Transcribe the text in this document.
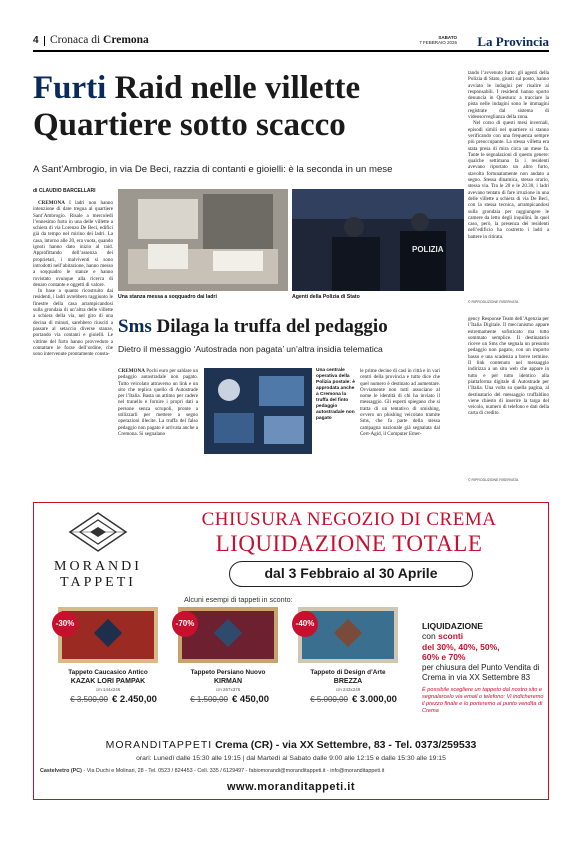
4 Cronaca di Cremona	SABATO
7 FEBBRAIO 2026 La Provincia
Furti Raid nelle villette
Quartiere sotto scacco
A Sant’Ambrogio, in via De Beci, razzia di contanti e gioielli: è la seconda in un mese
di CLAUDIO BARCELLARI

CREMONA I ladri non hanno intenzione di dare tregua al quartiere Sant’Ambrogio. Risale a mercoledì l’ennesimo furto in una delle villette a schiera di via Lorenzo De Beci, edifici già da tempo nel mirino dei ladri. La casa, intorno alle 20, era vuota, quando ignoti hanno dato inizio al raid. Approfittando dell’assenza dei proprietari, i malviventi si sono introdotti nell’abitazione, hanno messo a soqquadro le stanze e hanno rovistato ovunque alla ricerca di denaro contante e oggetti di valore.

In base a quanto ricostruito dai residenti, i ladri avrebbero raggiunto le finestre della casa arrampicandosi sulla grondaia di un’altra delle villette a schiera della via, nel giro di una decina di minuti, sarebbero riusciti a passare al setaccio diverse stanze, portando via contanti e gioielli. Le vittime del furto hanno provveduto a contattare le forze dell’ordine, che sono intervenute prontamente consta-

Una stanza messa a soqquadro dai ladri
POLIZIA
Agenti della Polizia di Stato

tando l’avvenuto furto: gli agenti della Polizia di Stato, giunti sul posto, hanno avviato le indagini per risalire ai responsabili. I residenti hanno sporto denuncia in Questura: a tracciare la pista nelle indagini sono le immagini registrate dal sistema di videosorveglianza della zona.

Nel corso di questi mesi invernali, episodi simili nel quartiere si stanno verificando con una frequenza sempre più preoccupante. La stessa villetta era stata presa di mira circa un mese fa. Tante le segnalazioni di questo genere: qualche settimana fa i residenti avevano riportato un altro furto, stavolta fortunatamente non andato a segno. Stessa dinamica, stesso orario, stessa via. Tra le 20 e le 20.30, i ladri avevano tentato di fare irruzione in una delle villette a schiera di via De Beci, con la stessa tecnica, arrampicandosi sulla grondaia per raggiungere le camere da letto degli inquilini. In quel caso, però, la presenza dei residenti nell’edificio ha costretto i ladri a battere in ritirata.

© RIPRODUZIONE RISERVATA
Sms Dilaga la truffa del pedaggio
Dietro il messaggio ‘Autostrada non pagata’ un’altra insidia telematica

CREMONA Pochi euro per saldare un pedaggio autostradale non pagato. Tutto veicolato attraverso un link e un sito che replica quello di Autostrade per l’Italia. Basta un attimo per cadere nel tranello e fornire i propri dati a persone senza scrupoli, pronte a utilizzarli per mettere a segno operazioni illecite. La truffa del falso pedaggio non pagato è arrivata anche a Cremona. Si segnalano

Una centrale operativa della Polizia postale: è approdata anche a Cremona la truffa del finto pedaggio autostradale non pagato

le prime decine di casi in città e in vari centri della provincia e tutto dice che quel numero è destinato ad aumentare. Ovviamente non tutti associano al nome le identità di chi ha inviato il messaggio. Gli esperti spiegano che si tratta di un tentativo di smishing, ovvero un phishing veicolato tramite Sms, che fa parte della stessa campagna nazionale già segnalata dal Cert-Agid, il Computer Emer-

gency Response Team dell’Agenzia per l’Italia Digitale. Il meccanismo appare estremamente sofisticato ma tutto sommato semplice. Il destinatario riceve un Sms che segnala un presunto pedaggio non pagato, con un importo basso e una scadenza a breve termine. Il link contenuto nel messaggio indirizza a un sito web che appare in tutto e per tutto identico alla piattaforma digitale di Autostrade per l’Italia. Una volta su quella pagina, al destinatario del messaggio truffaldino viene chiesto di inserire la targa del veicolo, numero di telefono e dati della carta di credito.

© RIPRODUZIONE RISERVATA
MORANDI
TAPPETI
CHIUSURA NEGOZIO DI CREMA
LIQUIDAZIONE TOTALE
dal 3 Febbraio al 30 Aprile
Alcuni esempi di tappeti in sconto:
LIQUIDAZIONE
con sconti
del 30%, 40%, 50%,
60% e 70%
per chiusura del Punto Vendita di Crema in via XX Settembre 83
È possibile scegliere un tappeto dal nostro sito e segnalarcelo via email o telefono: Vi indicheremo il prezzo finale e lo porteremo al punto vendita di Crema
MORANDITAPPETI Crema (CR) - via XX Settembre, 83 - Tel. 0373/259533
orari: Lunedì dalle 15:30 alle 19:15 | dal Martedì al Sabato dalle 9:00 alle 12:15 e dalle 15:30 alle 19:15
Castelvetro (PC) - Via Duchi e Molinari, 28 - Tel. 0523 / 824453 - Cell. 335 / 6129497 - fabiomorandi@moranditappeti.it - info@moranditappeti.it
www.moranditappeti.it
-30%
Tappeto Caucasico Antico
KAZAK LORI PAMPAK
cm 144x246
€ 3.500,00 € 2.450,00
-70%
Tappeto Persiano Nuovo
KIRMAN
cm 267x376
€ 1.500,00 € 450,00
-40%
Tappeto di Design d’Arte
BREZZA
cm 243x249
€ 5.000,00 € 3.000,00
